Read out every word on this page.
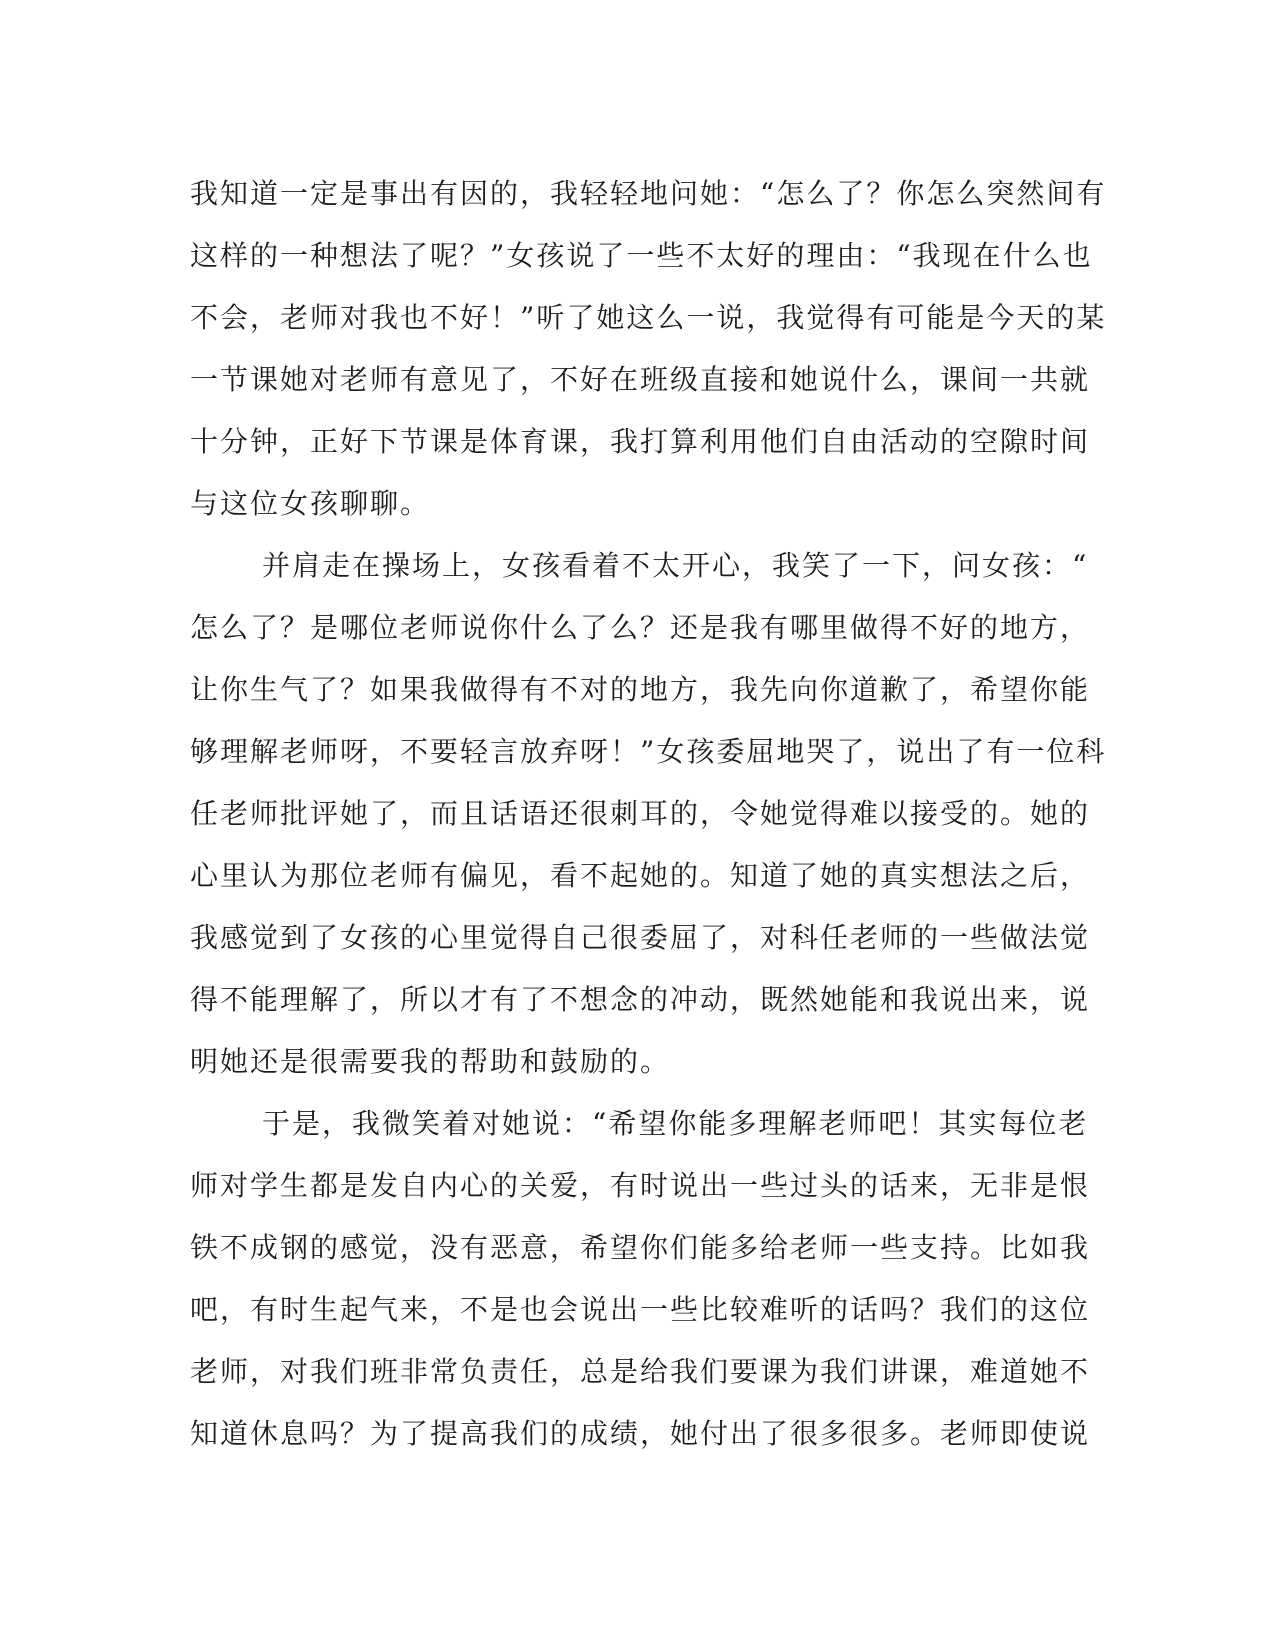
我知道一定是事出有因的，我轻轻地问她：“怎么了？你怎么突然间有
这样的一种想法了呢？”女孩说了一些不太好的理由：“我现在什么也
不会，老师对我也不好！”听了她这么一说，我觉得有可能是今天的某
一节课她对老师有意见了，不好在班级直接和她说什么，课间一共就
十分钟，正好下节课是体育课，我打算利用他们自由活动的空隙时间
与这位女孩聊聊。
并肩走在操场上，女孩看着不太开心，我笑了一下，问女孩：“
怎么了？是哪位老师说你什么了么？还是我有哪里做得不好的地方，
让你生气了？如果我做得有不对的地方，我先向你道歉了，希望你能
够理解老师呀，不要轻言放弃呀！”女孩委屈地哭了，说出了有一位科
任老师批评她了，而且话语还很刺耳的，令她觉得难以接受的。她的
心里认为那位老师有偏见，看不起她的。知道了她的真实想法之后，
我感觉到了女孩的心里觉得自己很委屈了，对科任老师的一些做法觉
得不能理解了，所以才有了不想念的冲动，既然她能和我说出来，说
明她还是很需要我的帮助和鼓励的。
于是，我微笑着对她说：“希望你能多理解老师吧！其实每位老
师对学生都是发自内心的关爱，有时说出一些过头的话来，无非是恨
铁不成钢的感觉，没有恶意，希望你们能多给老师一些支持。比如我
吧，有时生起气来，不是也会说出一些比较难听的话吗？我们的这位
老师，对我们班非常负责任，总是给我们要课为我们讲课，难道她不
知道休息吗？为了提高我们的成绩，她付出了很多很多。老师即使说
